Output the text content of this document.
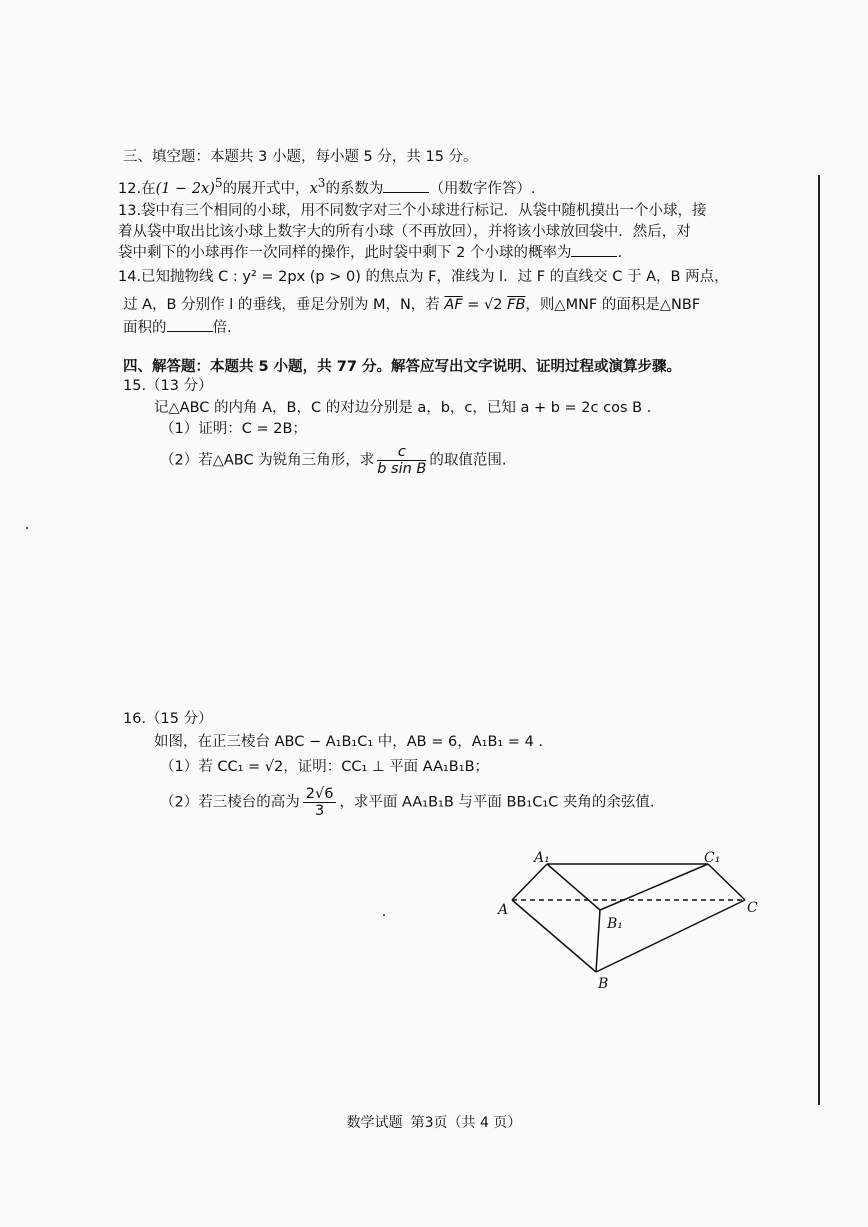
三、填空题：本题共 3 小题，每小题 5 分，共 15 分。
12.在$(1 - 2x)^5$的展开式中，$x^3$的系数为	（用数字作答）.
13.袋中有三个相同的小球，用不同数字对三个小球进行标记．从袋中随机摸出一个小球，接
着从袋中取出比该小球上数字大的所有小球（不再放回），并将该小球放回袋中．然后，对
袋中剩下的小球再作一次同样的操作，此时袋中剩下 2 个小球的概率为	.
14.已知抛物线 C : y² = 2px (p > 0) 的焦点为 F，准线为 l．过 F 的直线交 C 于 A，B 两点，
过 A，B 分别作 l 的垂线，垂足分别为 M，N，若 $\overline{AF} = √2$ $\overline{FB}$，则△MNF 的面积是△NBF
面积的	倍.
四、解答题：本题共 5 小题，共 77 分。解答应写出文字说明、证明过程或演算步骤。
15.（13 分）
记△ABC 的内角 A，B，C 的对边分别是 a，b，c，已知 a + b = 2c cos B .
（1）证明：C = 2B；
（2）若△ABC 为锐角三角形，求 $\frac{c}{\text{b sin B}}$ 的取值范围.
16.（15 分）
如图，在正三棱台 ABC − A₁B₁C₁ 中，AB = 6，A₁B₁ = 4 .
（1）若 CC₁ = √2，证明：CC₁ ⊥ 平面 AA₁B₁B；
（2）若三棱台的高为 $\frac{2√6}{3}$ ，求平面 AA₁B₁B 与平面 BB₁C₁C 夹角的余弦值.
A₁	C₁
A
B₁
C
B
数学试题 第3页（共 4 页）
